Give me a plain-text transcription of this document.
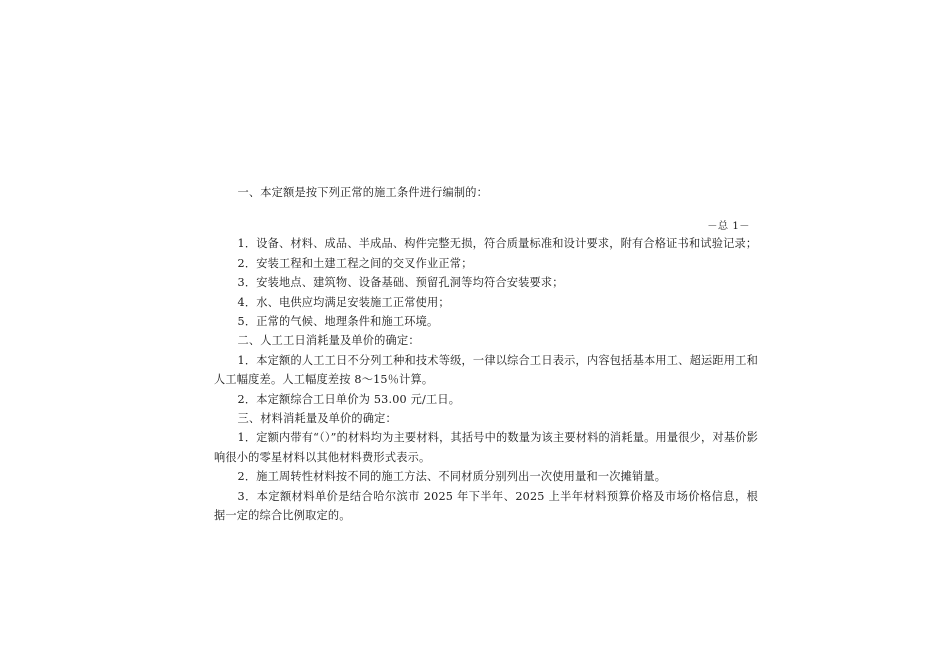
一、本定额是按下列正常的施工条件进行编制的：

－总 1－

1．设备、材料、成品、半成品、构件完整无损，符合质量标准和设计要求，附有合格证书和试验记录；

2．安装工程和土建工程之间的交叉作业正常；

3．安装地点、建筑物、设备基础、预留孔洞等均符合安装要求；

4．水、电供应均满足安装施工正常使用；

5．正常的气候、地理条件和施工环境。

二、人工工日消耗量及单价的确定：

1．本定额的人工工日不分列工种和技术等级，一律以综合工日表示，内容包括基本用工、超运距用工和人工幅度差。人工幅度差按 8～15％计算。

2．本定额综合工日单价为 53.00 元/工日。

三、材料消耗量及单价的确定：

1．定额内带有“（）”的材料均为主要材料，其括号中的数量为该主要材料的消耗量。用量很少，对基价影响很小的零星材料以其他材料费形式表示。

2．施工周转性材料按不同的施工方法、不同材质分别列出一次使用量和一次摊销量。

3．本定额材料单价是结合哈尔滨市 2025 年下半年、2025 上半年材料预算价格及市场价格信息，根据一定的综合比例取定的。
